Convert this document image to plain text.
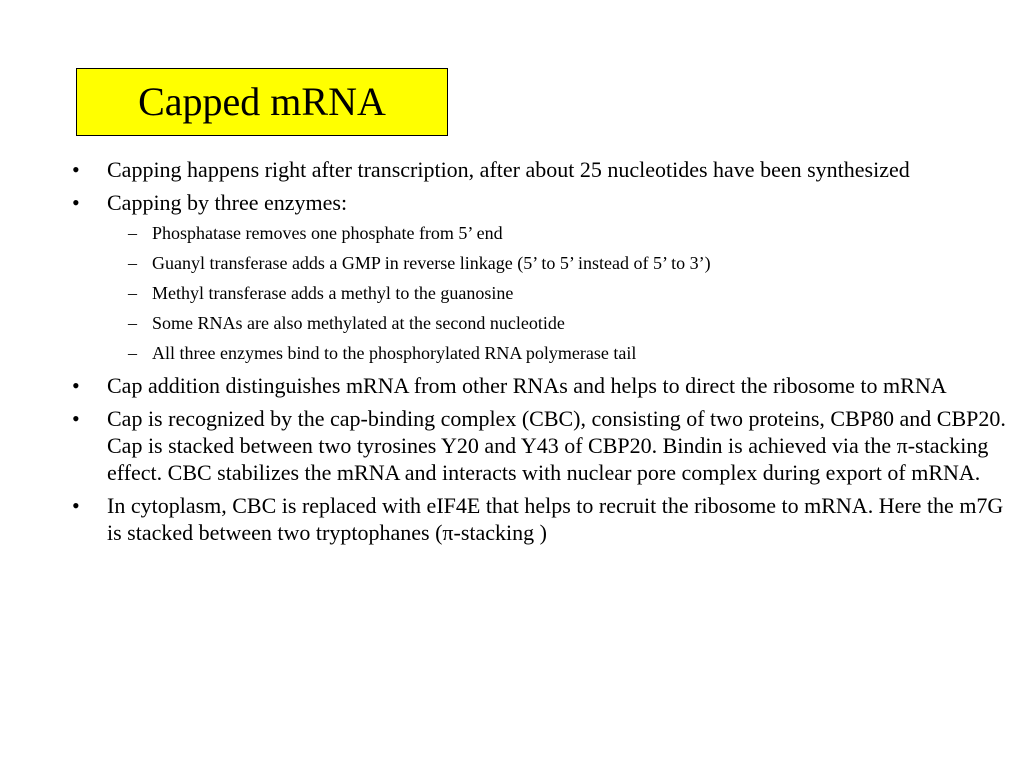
Capped mRNA
• Capping happens right after transcription, after about 25 nucleotides have been synthesized
• Capping by three enzymes:
– Phosphatase removes one phosphate from 5’ end
– Guanyl transferase adds a GMP in reverse linkage (5’ to 5’ instead of 5’ to 3’)
– Methyl transferase adds a methyl to the guanosine
– Some RNAs are also methylated at the second nucleotide
– All three enzymes bind to the phosphorylated RNA polymerase tail
• Cap addition distinguishes mRNA from other RNAs and helps to direct the ribosome to mRNA
• Cap is recognized by the cap-binding complex (CBC), consisting of two proteins, CBP80 and CBP20. Cap is stacked between two tyrosines Y20 and Y43 of CBP20. Bindin is achieved via the π-stacking effect. CBC stabilizes the mRNA and interacts with nuclear pore complex during export of mRNA.
• In cytoplasm, CBC is replaced with eIF4E that helps to recruit the ribosome to mRNA. Here the m7G is stacked between two tryptophanes (π-stacking )
